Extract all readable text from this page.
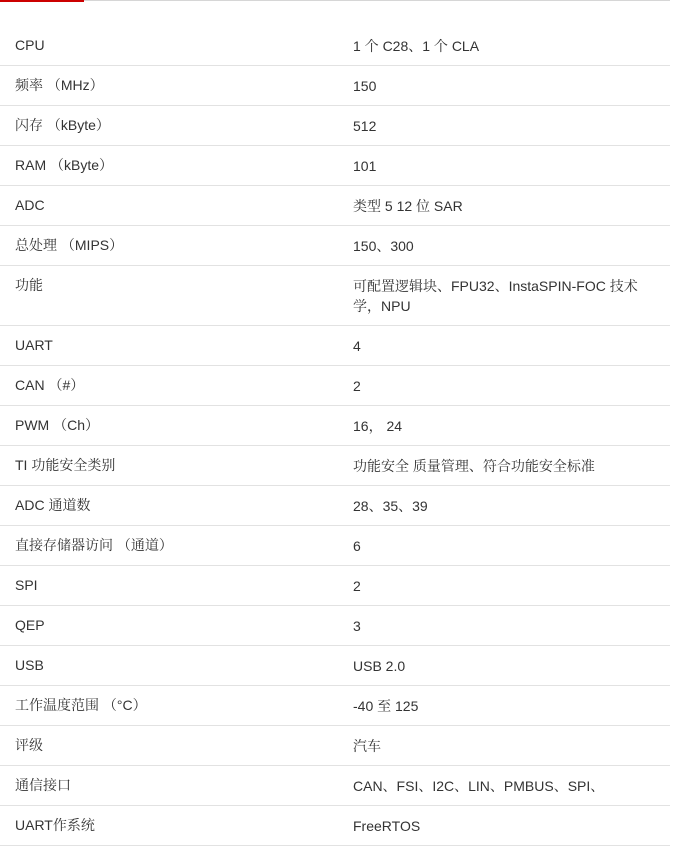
CPU	1 个 C28、1 个 CLA
频率 （MHz）	150
闪存 （kByte）	512
RAM （kByte）	101
ADC	类型 5 12 位 SAR
总处理 （MIPS）	150、300
功能	可配置逻辑块、FPU32、InstaSPIN-FOC 技术学，NPU
UART	4
CAN （#）	2
PWM （Ch）	16， 24
TI 功能安全类别	功能安全 质量管理、符合功能安全标准
ADC 通道数	28、35、39
直接存储器访问 （通道）	6
SPI	2
QEP	3
USB	USB 2.0
工作温度范围 （°C）	-40 至 125
评级	汽车
通信接口	CAN、FSI、I2C、LIN、PMBUS、SPI、
UART作系统	FreeRTOS
